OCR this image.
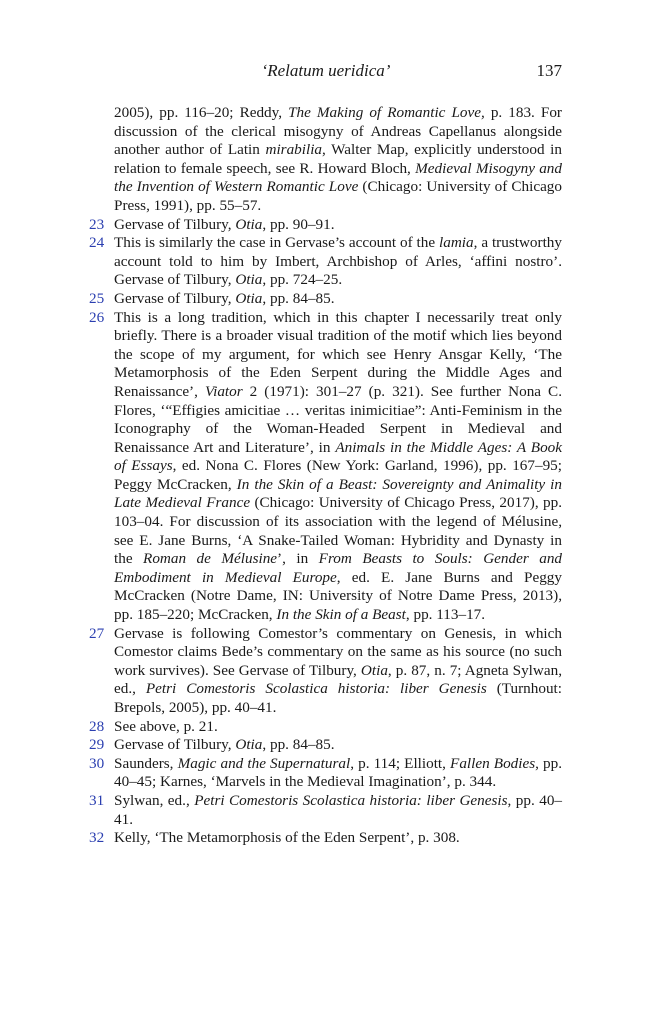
‘Relatum ueridica’	137
2005), pp. 116–20; Reddy, The Making of Romantic Love, p. 183. For discussion of the clerical misogyny of Andreas Capellanus alongside another author of Latin mirabilia, Walter Map, explicitly understood in relation to female speech, see R. Howard Bloch, Medieval Misogyny and the Invention of Western Romantic Love (Chicago: University of Chicago Press, 1991), pp. 55–57.
23 Gervase of Tilbury, Otia, pp. 90–91.
24 This is similarly the case in Gervase’s account of the lamia, a trustworthy account told to him by Imbert, Archbishop of Arles, ‘affini nostro’. Gervase of Tilbury, Otia, pp. 724–25.
25 Gervase of Tilbury, Otia, pp. 84–85.
26 This is a long tradition, which in this chapter I necessarily treat only briefly. There is a broader visual tradition of the motif which lies beyond the scope of my argument, for which see Henry Ansgar Kelly, ‘The Metamorphosis of the Eden Serpent during the Middle Ages and Renaissance’, Viator 2 (1971): 301–27 (p. 321). See further Nona C. Flores, ‘“Effigies amicitiae … veritas inimicitiae”: Anti-Feminism in the Iconography of the Woman-Headed Serpent in Medieval and Renaissance Art and Literature’, in Animals in the Middle Ages: A Book of Essays, ed. Nona C. Flores (New York: Garland, 1996), pp. 167–95; Peggy McCracken, In the Skin of a Beast: Sovereignty and Animality in Late Medieval France (Chicago: University of Chicago Press, 2017), pp. 103–04. For discussion of its association with the legend of Mélusine, see E. Jane Burns, ‘A Snake-Tailed Woman: Hybridity and Dynasty in the Roman de Mélusine’, in From Beasts to Souls: Gender and Embodiment in Medieval Europe, ed. E. Jane Burns and Peggy McCracken (Notre Dame, IN: University of Notre Dame Press, 2013), pp. 185–220; McCracken, In the Skin of a Beast, pp. 113–17.
27 Gervase is following Comestor’s commentary on Genesis, in which Comestor claims Bede’s commentary on the same as his source (no such work survives). See Gervase of Tilbury, Otia, p. 87, n. 7; Agneta Sylwan, ed., Petri Comestoris Scolastica historia: liber Genesis (Turnhout: Brepols, 2005), pp. 40–41.
28 See above, p. 21.
29 Gervase of Tilbury, Otia, pp. 84–85.
30 Saunders, Magic and the Supernatural, p. 114; Elliott, Fallen Bodies, pp. 40–45; Karnes, ‘Marvels in the Medieval Imagination’, p. 344.
31 Sylwan, ed., Petri Comestoris Scolastica historia: liber Genesis, pp. 40–41.
32 Kelly, ‘The Metamorphosis of the Eden Serpent’, p. 308.
